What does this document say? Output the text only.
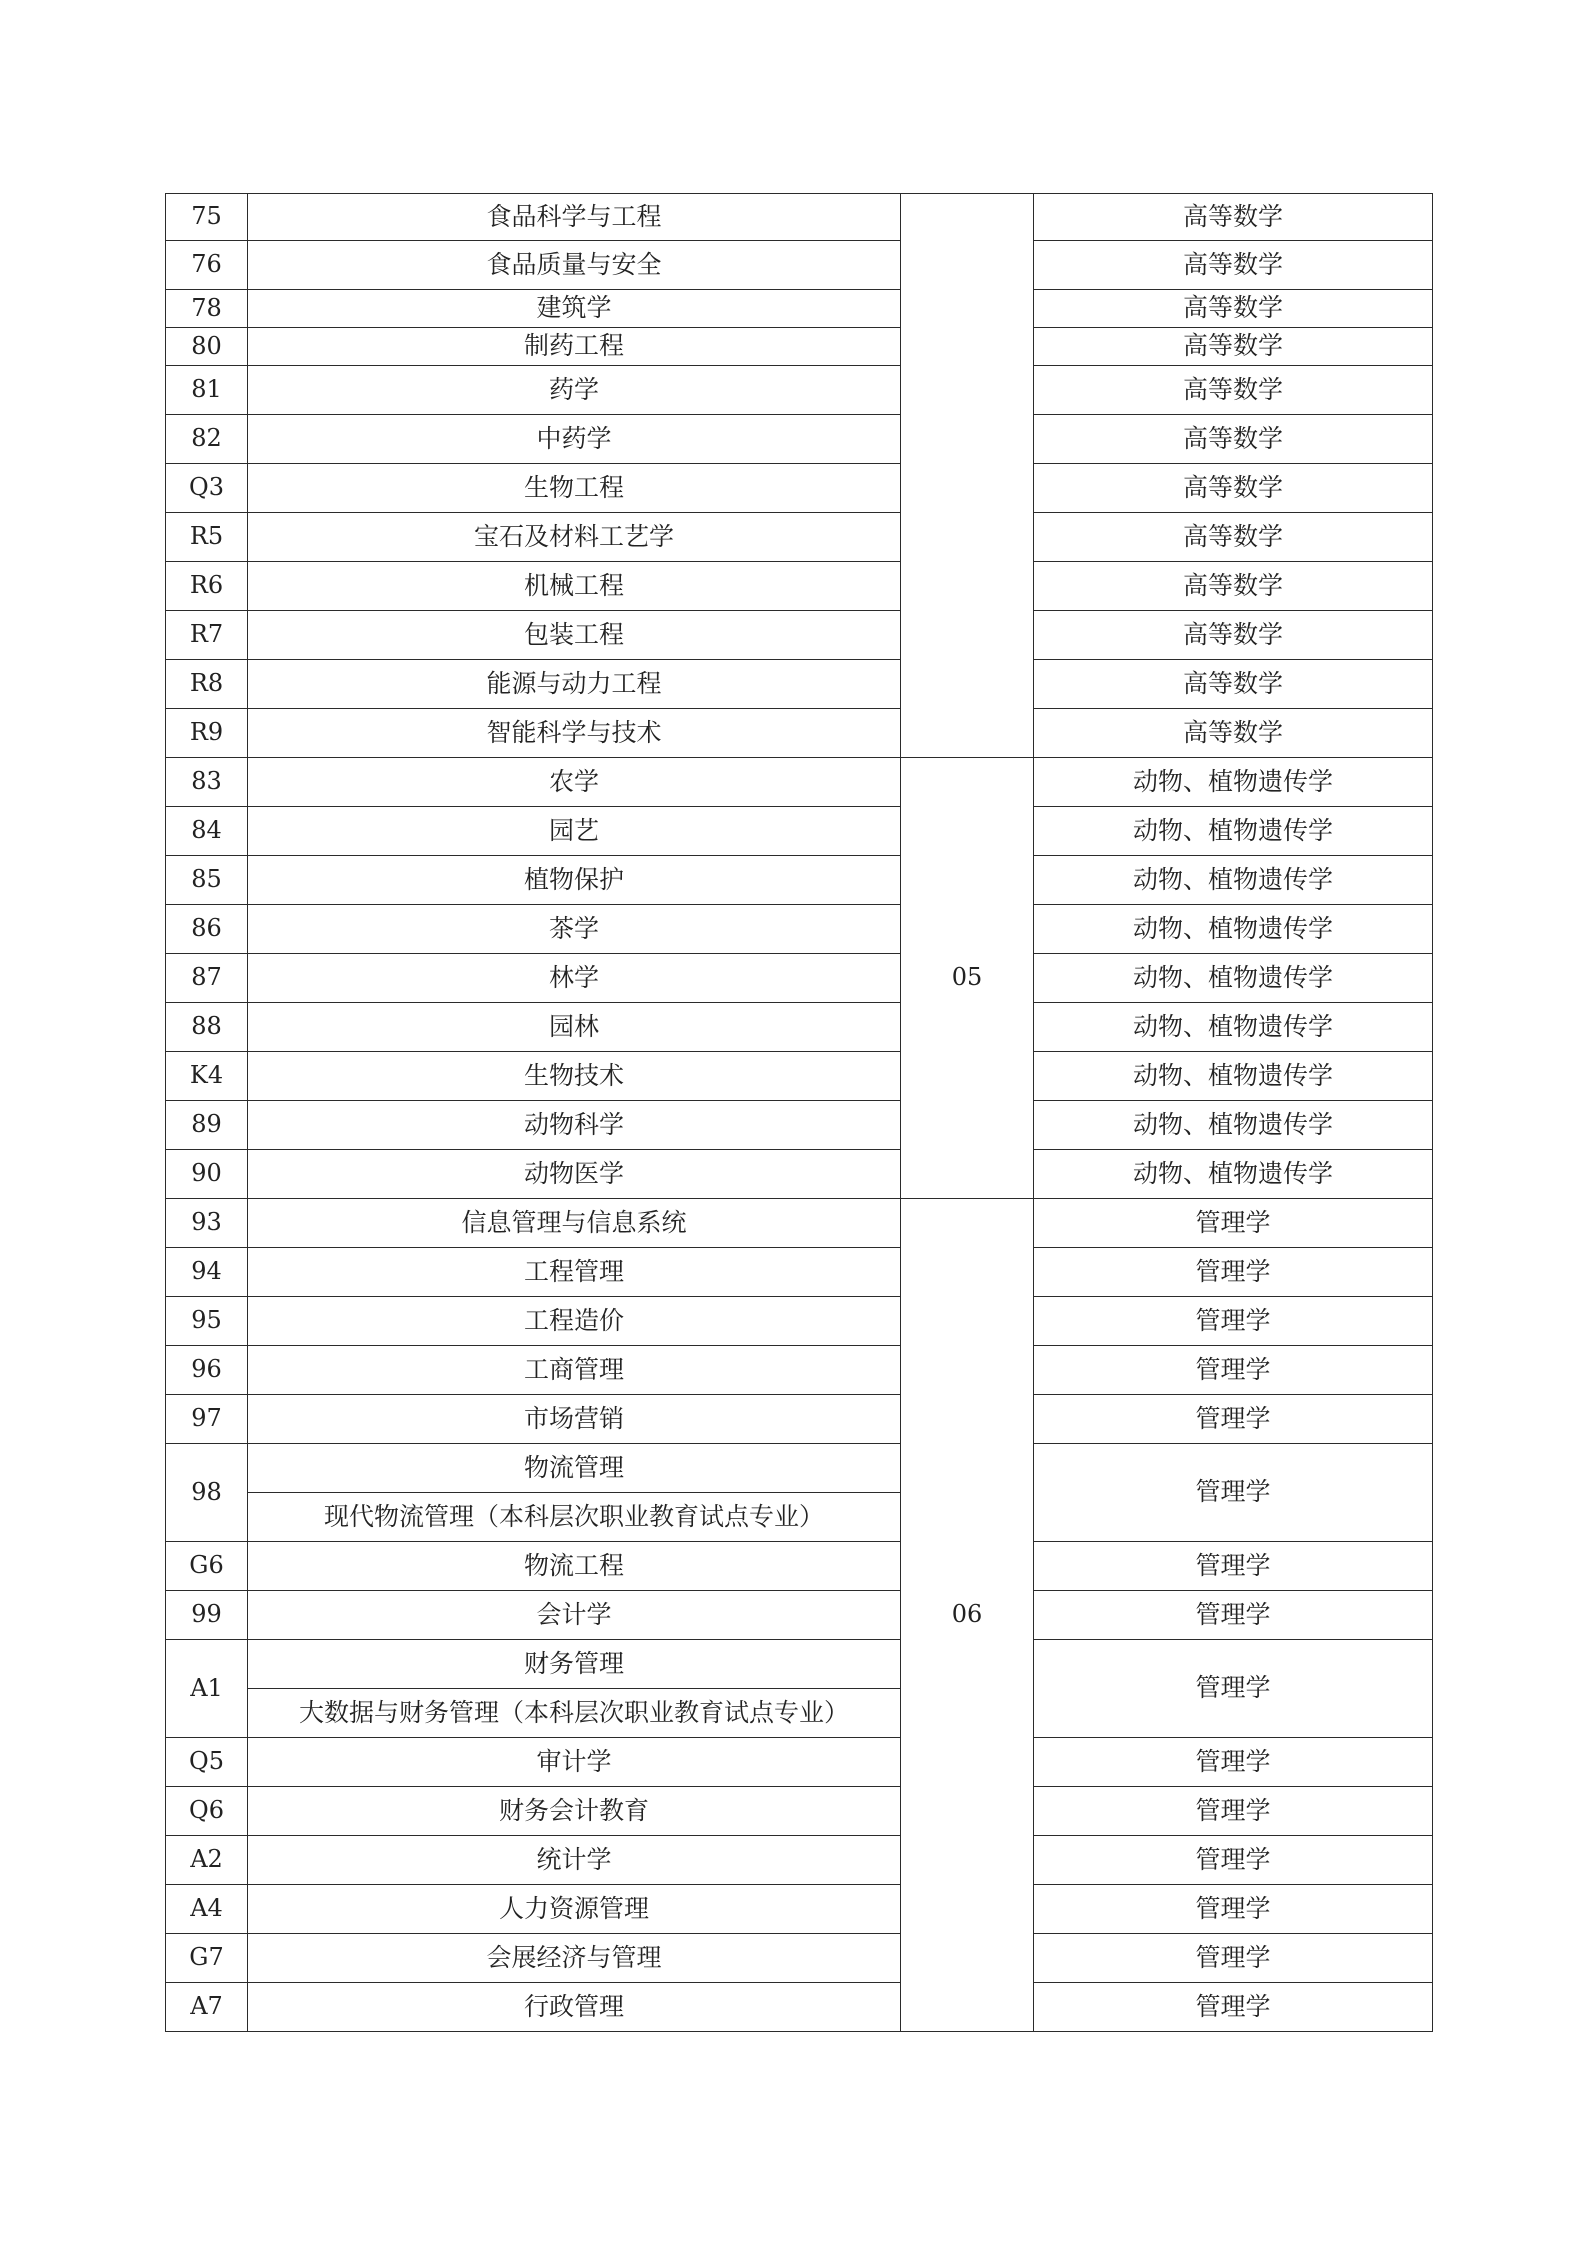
75	食品科学与工程		高等数学
76	食品质量与安全		高等数学
78	建筑学		高等数学
80	制药工程		高等数学
81	药学		高等数学
82	中药学		高等数学
Q3	生物工程		高等数学
R5	宝石及材料工艺学		高等数学
R6	机械工程		高等数学
R7	包装工程		高等数学
R8	能源与动力工程		高等数学
R9	智能科学与技术		高等数学
83	农学	05	动物、植物遗传学
84	园艺		动物、植物遗传学
85	植物保护		动物、植物遗传学
86	茶学		动物、植物遗传学
87	林学		动物、植物遗传学
88	园林		动物、植物遗传学
K4	生物技术		动物、植物遗传学
89	动物科学		动物、植物遗传学
90	动物医学		动物、植物遗传学
93	信息管理与信息系统	06	管理学
94	工程管理		管理学
95	工程造价		管理学
96	工商管理		管理学
97	市场营销		管理学
98	物流管理		管理学
	现代物流管理（本科层次职业教育试点专业）		
G6	物流工程		管理学
99	会计学		管理学
A1	财务管理		管理学
	大数据与财务管理（本科层次职业教育试点专业）		
Q5	审计学		管理学
Q6	财务会计教育		管理学
A2	统计学		管理学
A4	人力资源管理		管理学
G7	会展经济与管理		管理学
A7	行政管理		管理学
